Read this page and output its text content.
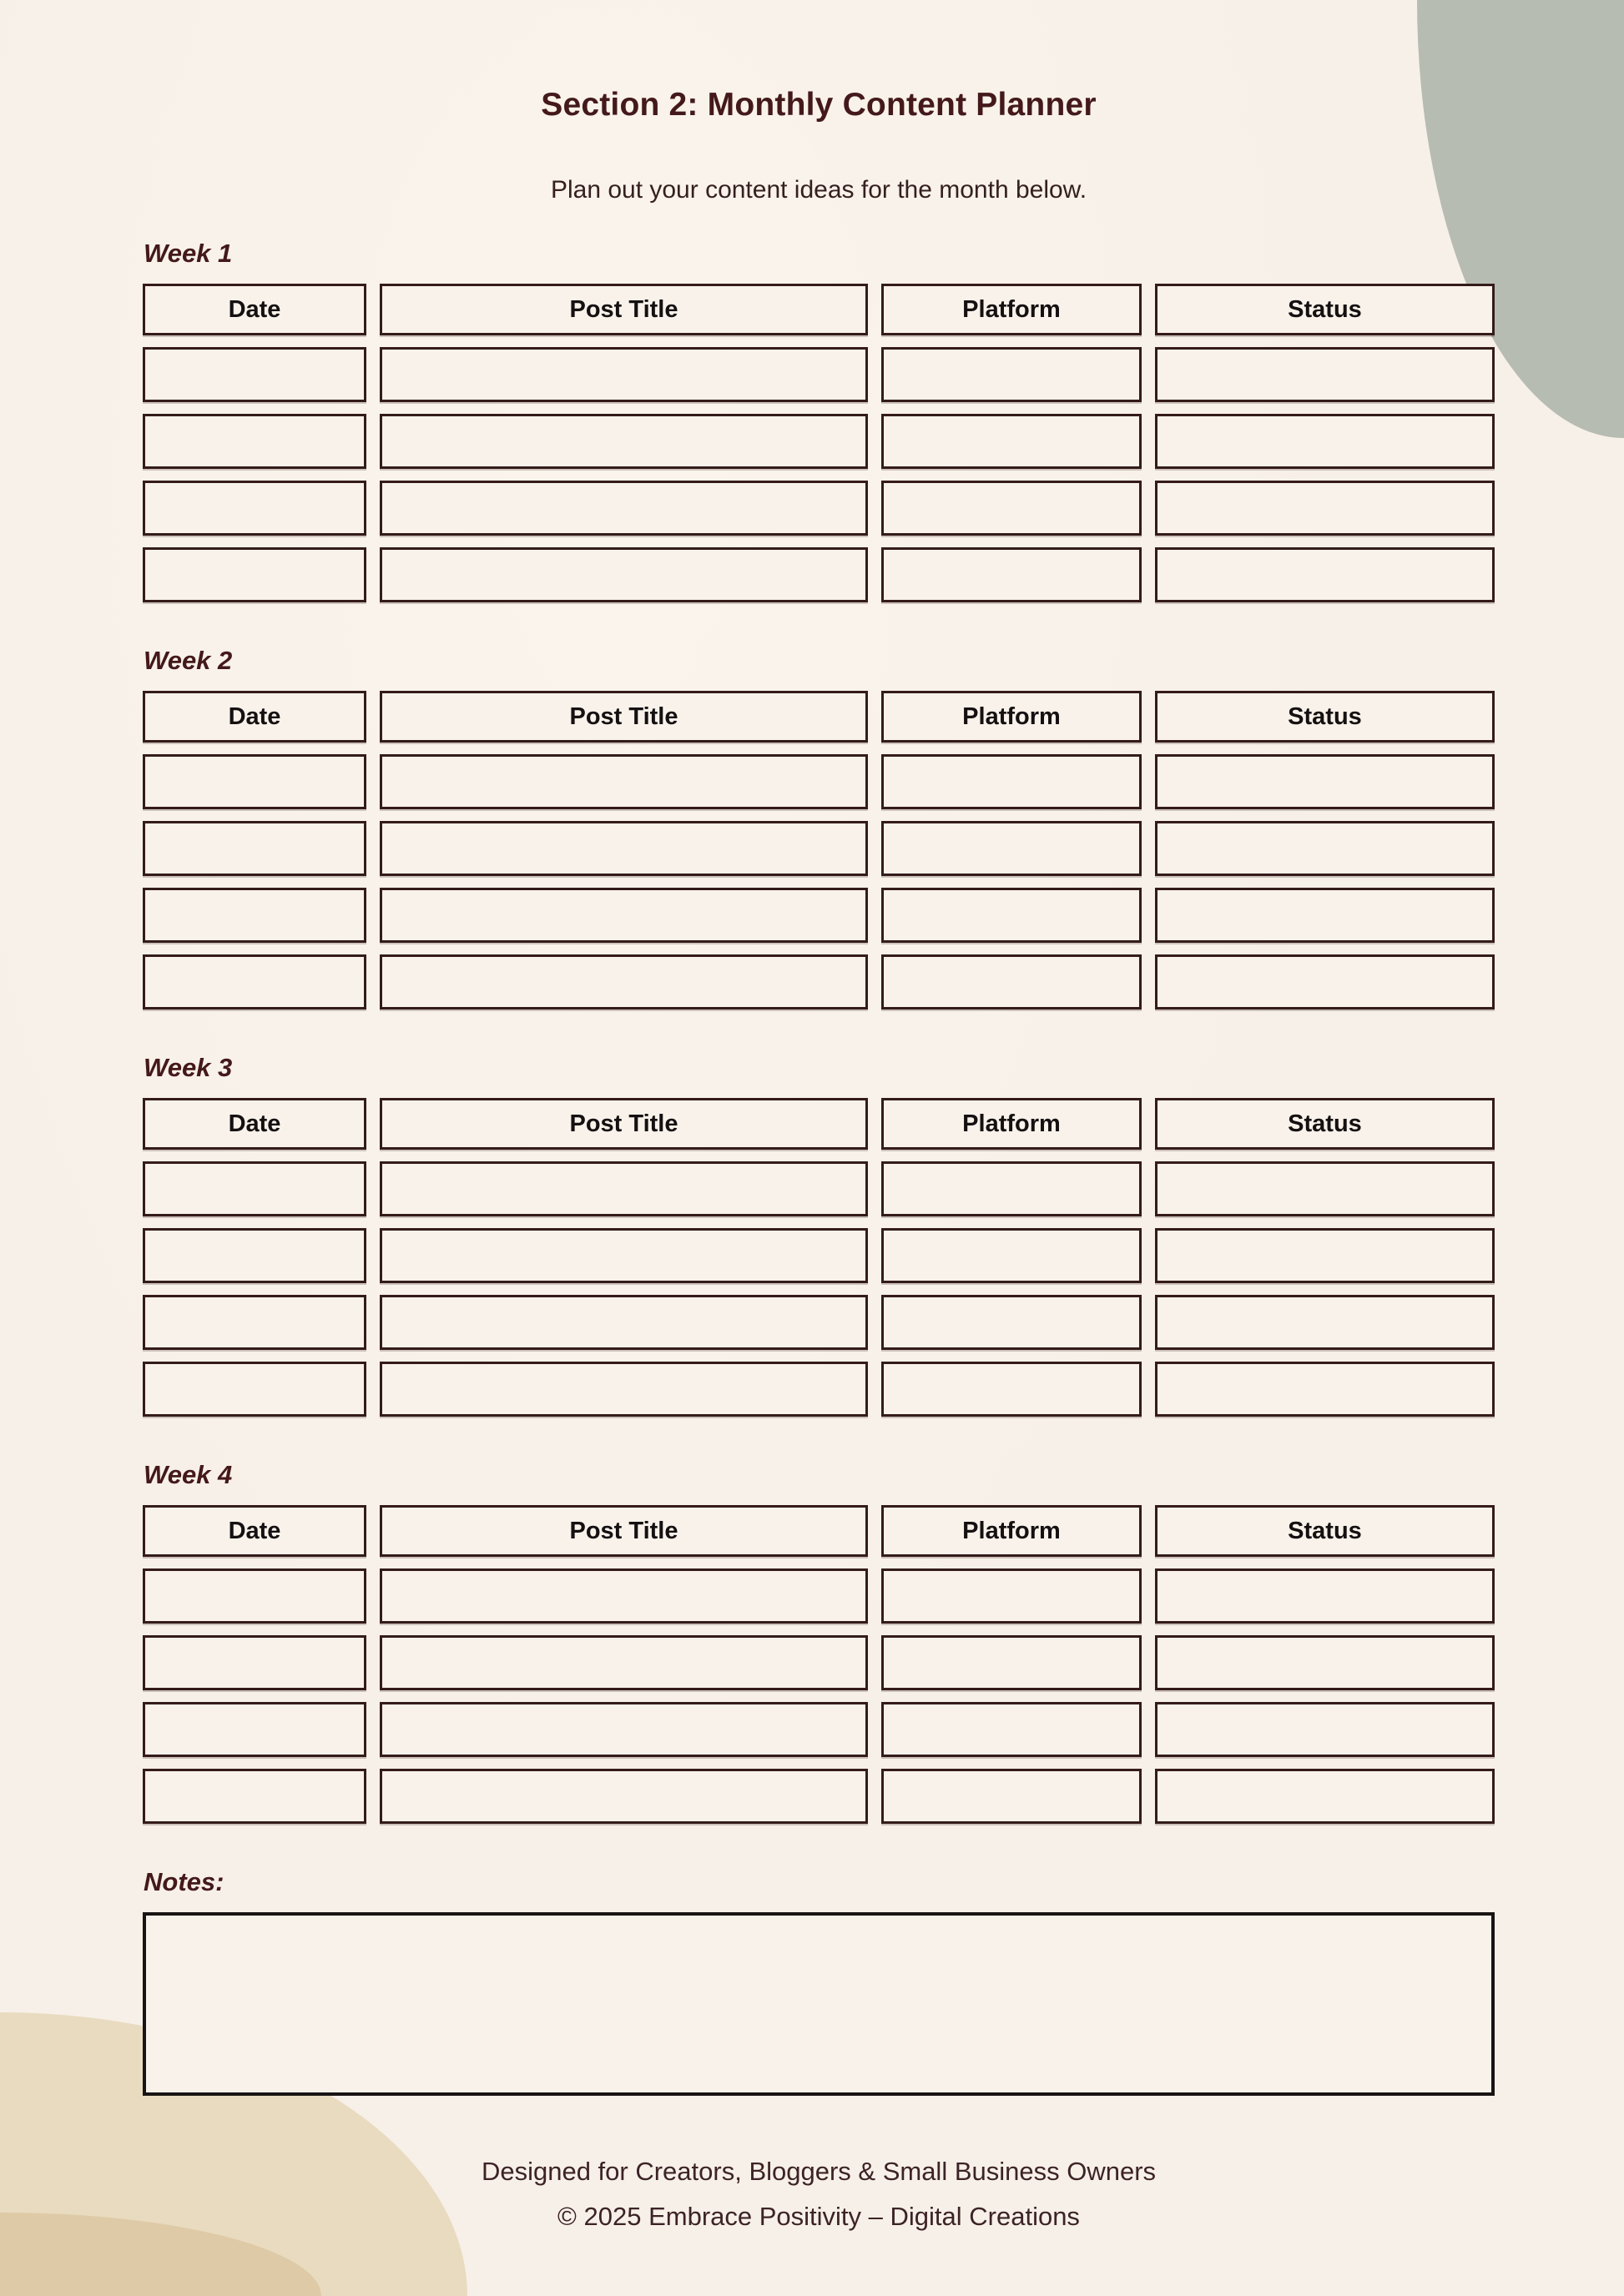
Section 2: Monthly Content Planner

Plan out your content ideas for the month below.

Week 1
Date	Post Title	Platform	Status
Week 2
Date	Post Title	Platform	Status
Week 3
Date	Post Title	Platform	Status
Week 4
Date	Post Title	Platform	Status
Notes:

Designed for Creators, Bloggers & Small Business Owners

© 2025 Embrace Positivity – Digital Creations
